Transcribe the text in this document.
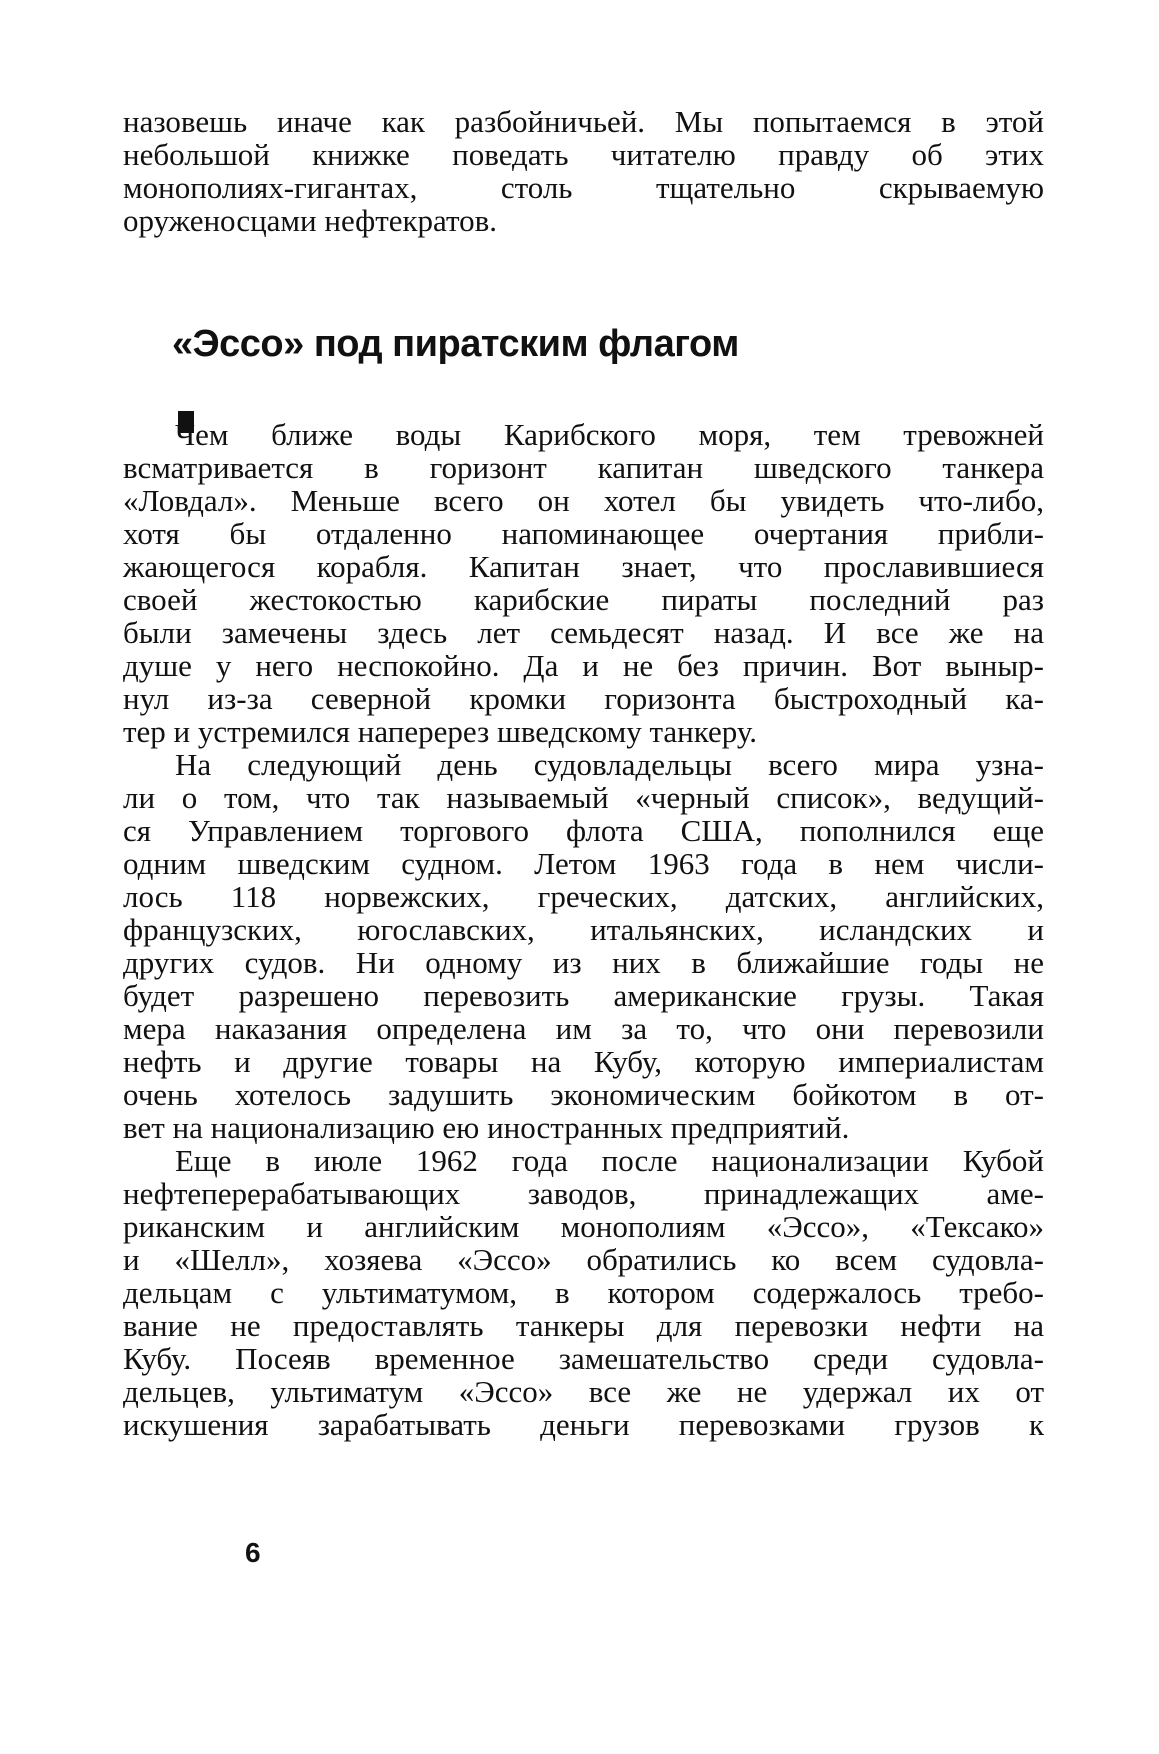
назовешь иначе как разбойничьей. Мы попытаемся в этой
небольшой книжке поведать читателю правду об этих
монополиях-гигантах, столь тщательно скрываемую
оруженосцами нефтекратов.
«Эссо» под пиратским флагом
Чем ближе воды Карибского моря, тем тревожней
всматривается в горизонт капитан шведского танкера
«Ловдал». Меньше всего он хотел бы увидеть что-либо,
хотя бы отдаленно напоминающее очертания прибли-
жающегося корабля. Капитан знает, что прославившиеся
своей жестокостью карибские пираты последний раз
были замечены здесь лет семьдесят назад. И все же на
душе у него неспокойно. Да и не без причин. Вот выныр-
нул из-за северной кромки горизонта быстроходный ка-
тер и устремился наперерез шведскому танкеру.
На следующий день судовладельцы всего мира узна-
ли о том, что так называемый «черный список», ведущий-
ся Управлением торгового флота США, пополнился еще
одним шведским судном. Летом 1963 года в нем числи-
лось 118 норвежских, греческих, датских, английских,
французских, югославских, итальянских, исландских и
других судов. Ни одному из них в ближайшие годы не
будет разрешено перевозить американские грузы. Такая
мера наказания определена им за то, что они перевозили
нефть и другие товары на Кубу, которую империалистам
очень хотелось задушить экономическим бойкотом в от-
вет на национализацию ею иностранных предприятий.
Еще в июле 1962 года после национализации Кубой
нефтеперерабатывающих заводов, принадлежащих аме-
риканским и английским монополиям «Эссо», «Тексако»
и «Шелл», хозяева «Эссо» обратились ко всем судовла-
дельцам с ультиматумом, в котором содержалось требо-
вание не предоставлять танкеры для перевозки нефти на
Кубу. Посеяв временное замешательство среди судовла-
дельцев, ультиматум «Эссо» все же не удержал их от
искушения зарабатывать деньги перевозками грузов к
6
